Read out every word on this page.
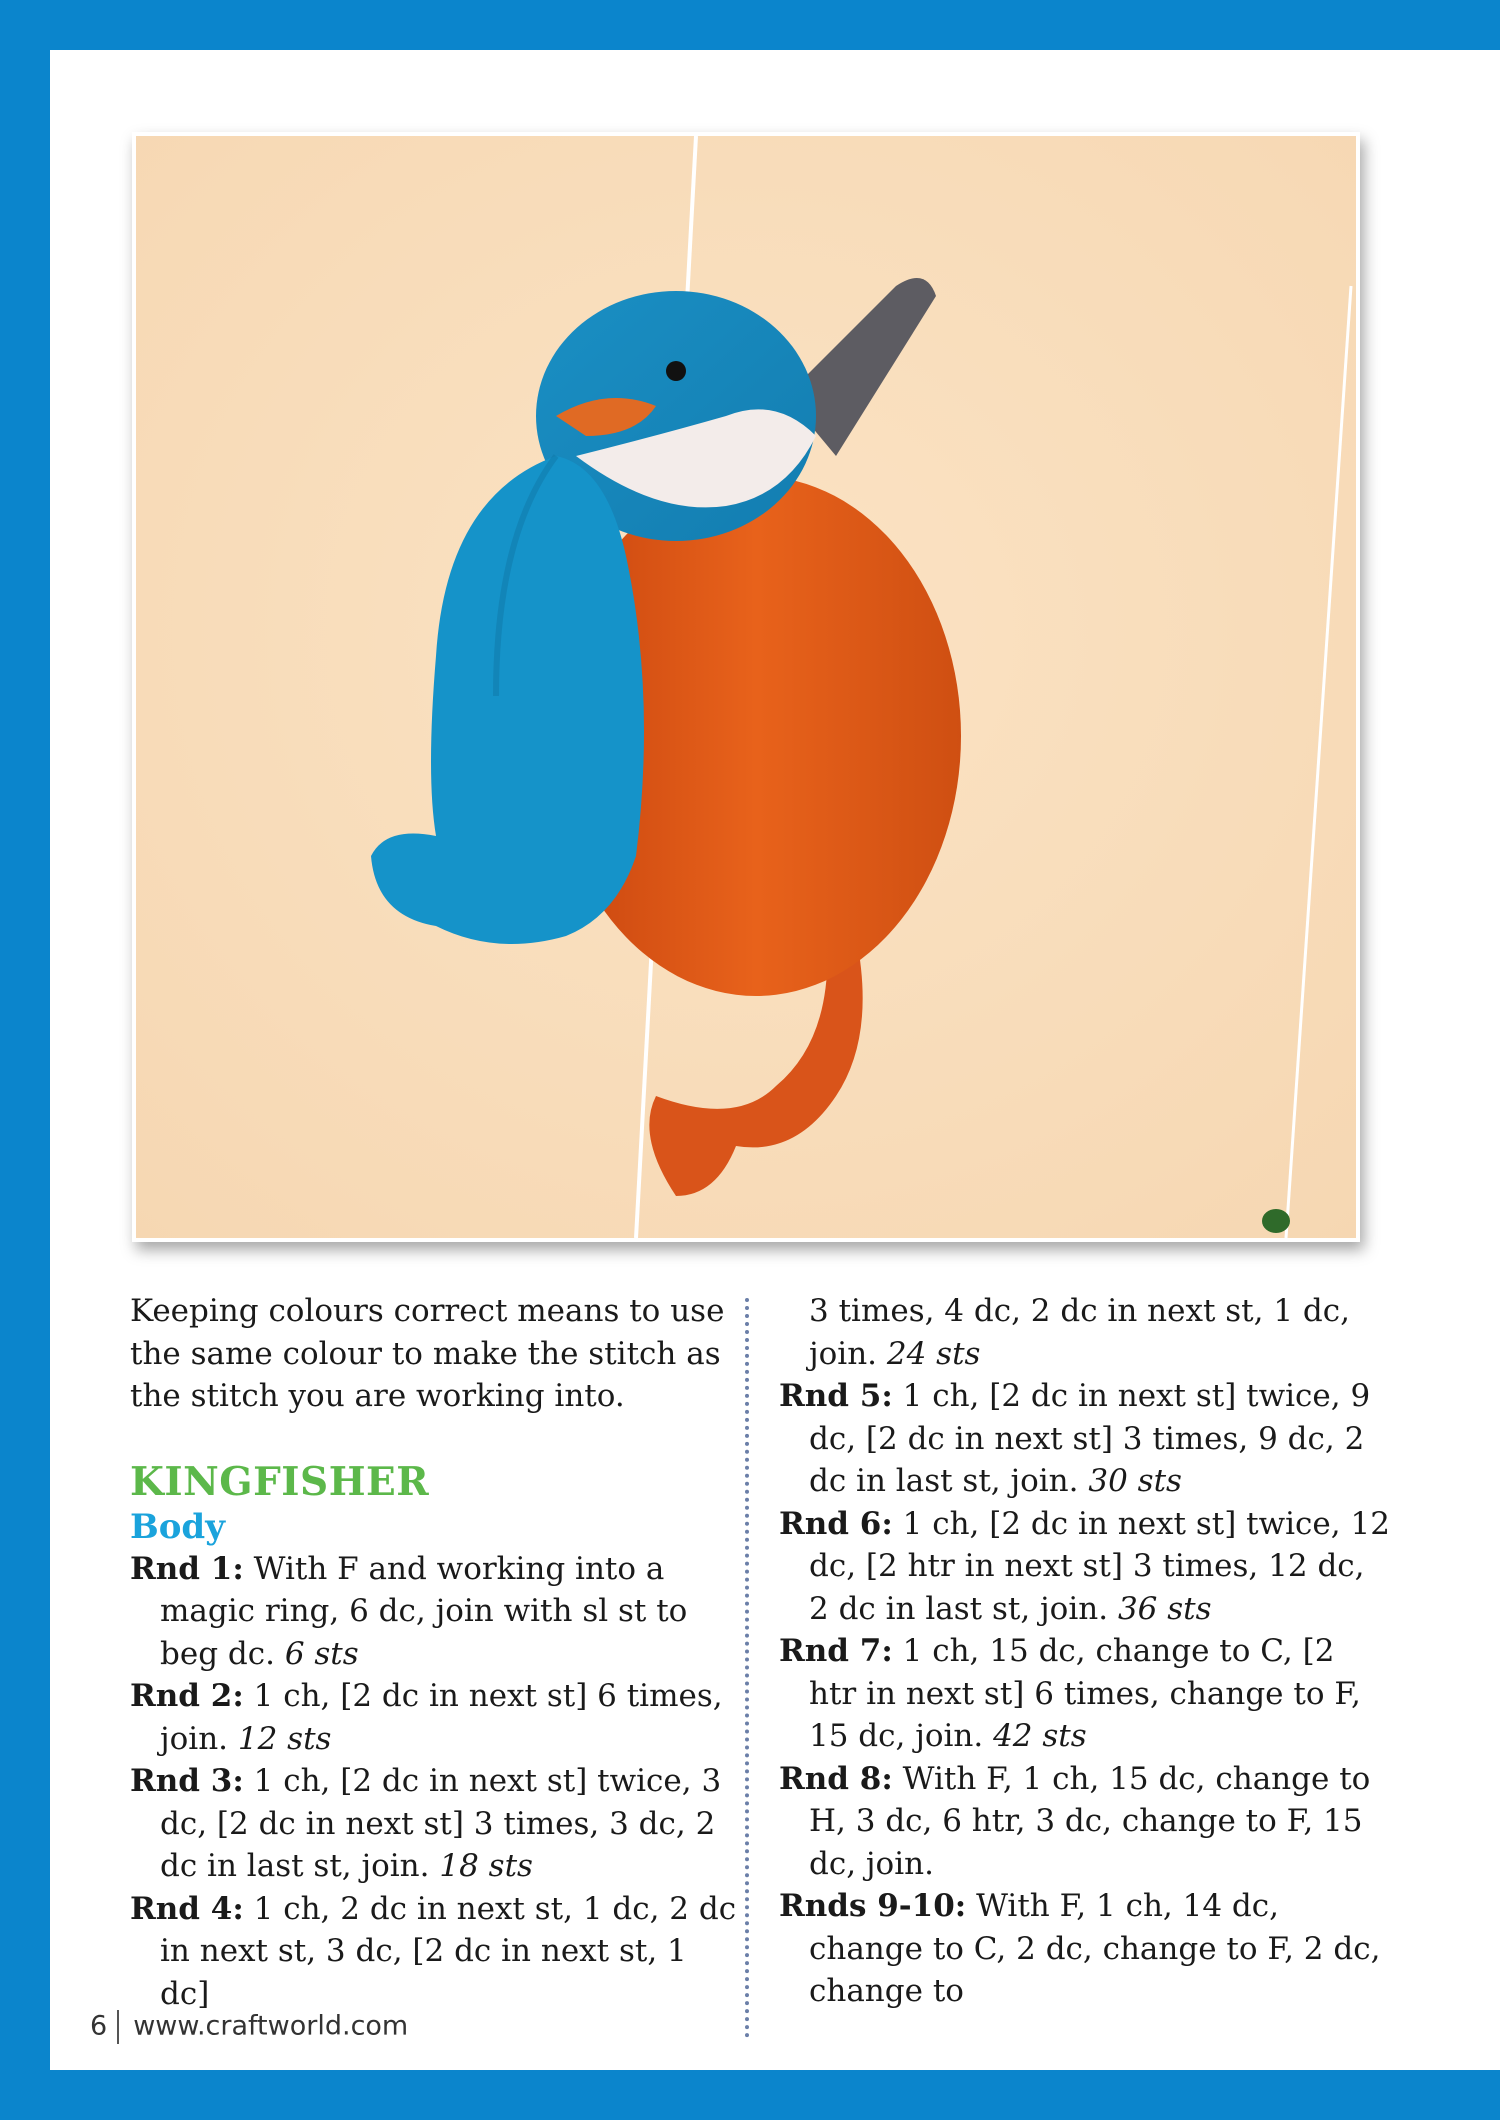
Keeping colours correct means to use the same colour to make the stitch as the stitch you are working into.

KINGFISHER
Body
Rnd 1: With F and working into a magic ring, 6 dc, join with sl st to beg dc. 6 sts
Rnd 2: 1 ch, [2 dc in next st] 6 times, join. 12 sts
Rnd 3: 1 ch, [2 dc in next st] twice, 3 dc, [2 dc in next st] 3 times, 3 dc, 2 dc in last st, join. 18 sts
Rnd 4: 1 ch, 2 dc in next st, 1 dc, 2 dc in next st, 3 dc, [2 dc in next st, 1 dc]
3 times, 4 dc, 2 dc in next st, 1 dc, join. 24 sts
Rnd 5: 1 ch, [2 dc in next st] twice, 9 dc, [2 dc in next st] 3 times, 9 dc, 2 dc in last st, join. 30 sts
Rnd 6: 1 ch, [2 dc in next st] twice, 12 dc, [2 htr in next st] 3 times, 12 dc, 2 dc in last st, join. 36 sts
Rnd 7: 1 ch, 15 dc, change to C, [2 htr in next st] 6 times, change to F, 15 dc, join. 42 sts
Rnd 8: With F, 1 ch, 15 dc, change to H, 3 dc, 6 htr, 3 dc, change to F, 15 dc, join.
Rnds 9-10: With F, 1 ch, 14 dc, change to C, 2 dc, change to F, 2 dc, change to
6 www.craftworld.com
